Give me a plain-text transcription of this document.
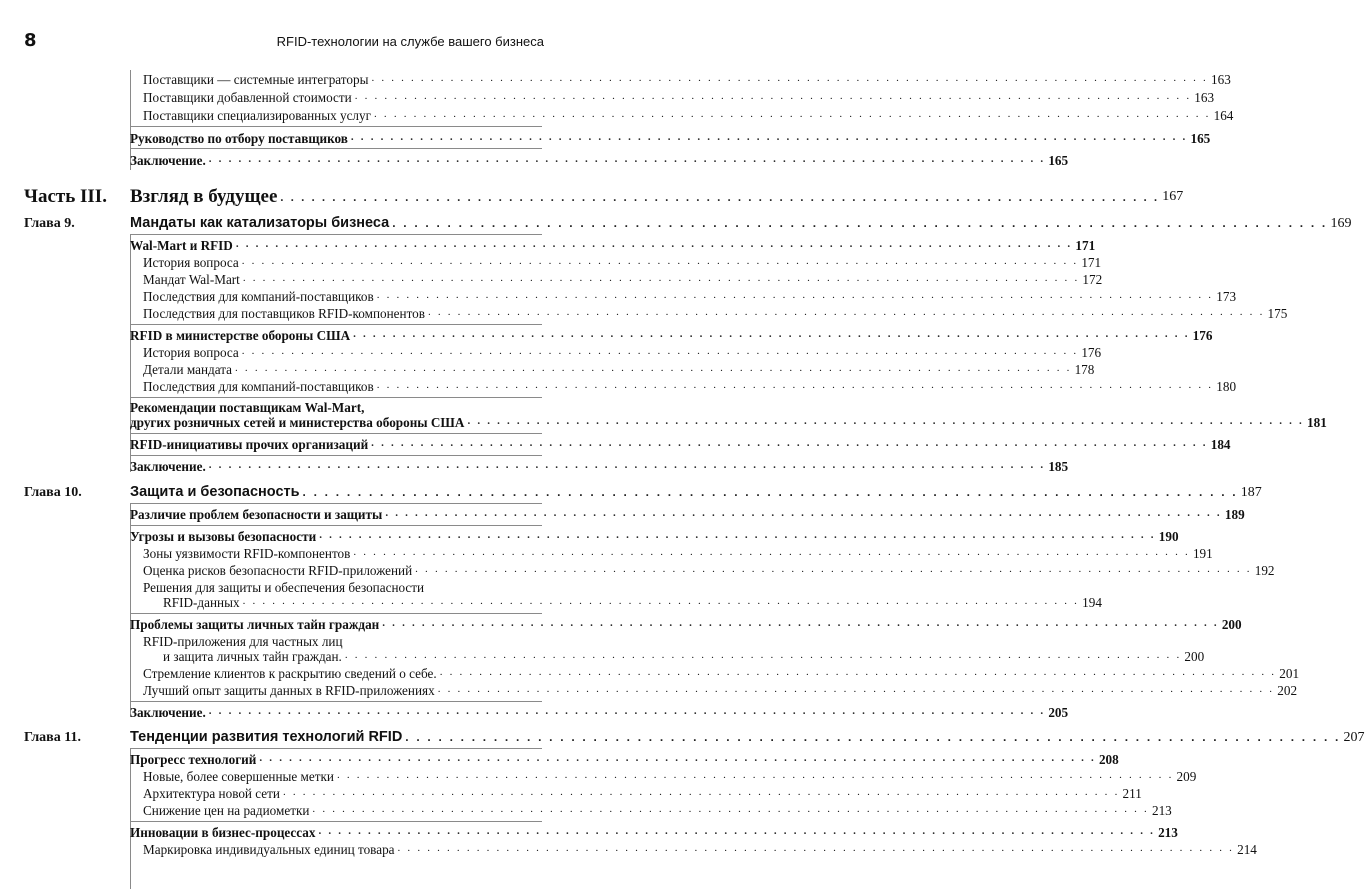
8	RFID-технологии на службе вашего бизнеса
Поставщики — системные интеграторы . . . . . . . . . . . . . . . . . . . . . . . . . . . . . . . . . . . . . . . . . . . . . . . . . . . . . . . . . . . . . . . . . . . . . . . . . . . . . . . . . . . . . 163
Поставщики добавленной стоимости . . . . . . . . . . . . . . . . . . . . . . . . . . . . . . . . . . . . . . . . . . . . . . . . . . . . . . . . . . . . . . . . . . . . . . . . . . . . . . . . . . . . . 163
Поставщики специализированных услуг . . . . . . . . . . . . . . . . . . . . . . . . . . . . . . . . . . . . . . . . . . . . . . . . . . . . . . . . . . . . . . . . . . . . . . . . . . . . . . . . . . . . . 164
Руководство по отбору поставщиков . . . . . . . . . . . . . . . . . . . . . . . . . . . . . . . . . . . . . . . . . . . . . . . . . . . . . . . . . . . . . . . . . . . . . . . . . . . . . . . . . . . . . 165
Заключение. . . . . . . . . . . . . . . . . . . . . . . . . . . . . . . . . . . . . . . . . . . . . . . . . . . . . . . . . . . . . . . . . . . . . . . . . . . . . . . . . . . . . . 165
Часть III. Взгляд в будущее . . . . . . . . . . . . . . . . . . . . . . . . . . . . . . . . . . . . . . . . . . . . . . . . . . . . . . . . . . . . . . . . . . . . . . . . . . . . . . . . . . . . . 167
Глава 9.	Мандаты как катализаторы бизнеса . . . . . . . . . . . . . . . . . . . . . . . . . . . . . . . . . . . . . . . . . . . . . . . . . . . . . . . . . . . . . . . . . . . . . . . . . . . . . . . . . . . . . 169
Wal-Mart и RFID . . . . . . . . . . . . . . . . . . . . . . . . . . . . . . . . . . . . . . . . . . . . . . . . . . . . . . . . . . . . . . . . . . . . . . . . . . . . . . . . . . . . . 171
История вопроса . . . . . . . . . . . . . . . . . . . . . . . . . . . . . . . . . . . . . . . . . . . . . . . . . . . . . . . . . . . . . . . . . . . . . . . . . . . . . . . . . . . . . 171
Мандат Wal-Mart . . . . . . . . . . . . . . . . . . . . . . . . . . . . . . . . . . . . . . . . . . . . . . . . . . . . . . . . . . . . . . . . . . . . . . . . . . . . . . . . . . . . . 172
Последствия для компаний-поставщиков . . . . . . . . . . . . . . . . . . . . . . . . . . . . . . . . . . . . . . . . . . . . . . . . . . . . . . . . . . . . . . . . . . . . . . . . . . . . . . . . . . . . . 173
Последствия для поставщиков RFID-компонентов . . . . . . . . . . . . . . . . . . . . . . . . . . . . . . . . . . . . . . . . . . . . . . . . . . . . . . . . . . . . . . . . . . . . . . . . . . . . . . . . . . . . . 175
RFID в министерстве обороны США . . . . . . . . . . . . . . . . . . . . . . . . . . . . . . . . . . . . . . . . . . . . . . . . . . . . . . . . . . . . . . . . . . . . . . . . . . . . . . . . . . . . . 176
История вопроса . . . . . . . . . . . . . . . . . . . . . . . . . . . . . . . . . . . . . . . . . . . . . . . . . . . . . . . . . . . . . . . . . . . . . . . . . . . . . . . . . . . . . 176
Детали мандата . . . . . . . . . . . . . . . . . . . . . . . . . . . . . . . . . . . . . . . . . . . . . . . . . . . . . . . . . . . . . . . . . . . . . . . . . . . . . . . . . . . . . 178
Последствия для компаний-поставщиков . . . . . . . . . . . . . . . . . . . . . . . . . . . . . . . . . . . . . . . . . . . . . . . . . . . . . . . . . . . . . . . . . . . . . . . . . . . . . . . . . . . . . 180
Рекомендации поставщикам Wal-Mart,
других розничных сетей и министерства обороны США . . . . . . . . . . . . . . . . . . . . . . . . . . . . . . . . . . . . . . . . . . . . . . . . . . . . . . . . . . . . . . . . . . . . . . . . . . . . . . . . . . . . . 181
RFID-инициативы прочих организаций . . . . . . . . . . . . . . . . . . . . . . . . . . . . . . . . . . . . . . . . . . . . . . . . . . . . . . . . . . . . . . . . . . . . . . . . . . . . . . . . . . . . . 184
Заключение. . . . . . . . . . . . . . . . . . . . . . . . . . . . . . . . . . . . . . . . . . . . . . . . . . . . . . . . . . . . . . . . . . . . . . . . . . . . . . . . . . . . . . 185
Глава 10.	Защита и безопасность . . . . . . . . . . . . . . . . . . . . . . . . . . . . . . . . . . . . . . . . . . . . . . . . . . . . . . . . . . . . . . . . . . . . . . . . . . . . . . . . . . . . . 187
Различие проблем безопасности и защиты . . . . . . . . . . . . . . . . . . . . . . . . . . . . . . . . . . . . . . . . . . . . . . . . . . . . . . . . . . . . . . . . . . . . . . . . . . . . . . . . . . . . . 189
Угрозы и вызовы безопасности . . . . . . . . . . . . . . . . . . . . . . . . . . . . . . . . . . . . . . . . . . . . . . . . . . . . . . . . . . . . . . . . . . . . . . . . . . . . . . . . . . . . . 190
Зоны уязвимости RFID-компонентов . . . . . . . . . . . . . . . . . . . . . . . . . . . . . . . . . . . . . . . . . . . . . . . . . . . . . . . . . . . . . . . . . . . . . . . . . . . . . . . . . . . . . 191
Оценка рисков безопасности RFID-приложений . . . . . . . . . . . . . . . . . . . . . . . . . . . . . . . . . . . . . . . . . . . . . . . . . . . . . . . . . . . . . . . . . . . . . . . . . . . . . . . . . . . . . 192
Решения для защиты и обеспечения безопасности
RFID-данных . . . . . . . . . . . . . . . . . . . . . . . . . . . . . . . . . . . . . . . . . . . . . . . . . . . . . . . . . . . . . . . . . . . . . . . . . . . . . . . . . . . . . 194
Проблемы защиты личных тайн граждан . . . . . . . . . . . . . . . . . . . . . . . . . . . . . . . . . . . . . . . . . . . . . . . . . . . . . . . . . . . . . . . . . . . . . . . . . . . . . . . . . . . . . 200
RFID-приложения для частных лиц
и защита личных тайн граждан. . . . . . . . . . . . . . . . . . . . . . . . . . . . . . . . . . . . . . . . . . . . . . . . . . . . . . . . . . . . . . . . . . . . . . . . . . . . . . . . . . . . . . 200
Стремление клиентов к раскрытию сведений о себе. . . . . . . . . . . . . . . . . . . . . . . . . . . . . . . . . . . . . . . . . . . . . . . . . . . . . . . . . . . . . . . . . . . . . . . . . . . . . . . . . . . . . . 201
Лучший опыт защиты данных в RFID-приложениях . . . . . . . . . . . . . . . . . . . . . . . . . . . . . . . . . . . . . . . . . . . . . . . . . . . . . . . . . . . . . . . . . . . . . . . . . . . . . . . . . . . . . 202
Заключение. . . . . . . . . . . . . . . . . . . . . . . . . . . . . . . . . . . . . . . . . . . . . . . . . . . . . . . . . . . . . . . . . . . . . . . . . . . . . . . . . . . . . . 205
Глава 11.	Тенденции развития технологий RFID . . . . . . . . . . . . . . . . . . . . . . . . . . . . . . . . . . . . . . . . . . . . . . . . . . . . . . . . . . . . . . . . . . . . . . . . . . . . . . . . . . . . . 207
Прогресс технологий . . . . . . . . . . . . . . . . . . . . . . . . . . . . . . . . . . . . . . . . . . . . . . . . . . . . . . . . . . . . . . . . . . . . . . . . . . . . . . . . . . . . . 208
Новые, более совершенные метки . . . . . . . . . . . . . . . . . . . . . . . . . . . . . . . . . . . . . . . . . . . . . . . . . . . . . . . . . . . . . . . . . . . . . . . . . . . . . . . . . . . . . 209
Архитектура новой сети . . . . . . . . . . . . . . . . . . . . . . . . . . . . . . . . . . . . . . . . . . . . . . . . . . . . . . . . . . . . . . . . . . . . . . . . . . . . . . . . . . . . . 211
Снижение цен на радиометки . . . . . . . . . . . . . . . . . . . . . . . . . . . . . . . . . . . . . . . . . . . . . . . . . . . . . . . . . . . . . . . . . . . . . . . . . . . . . . . . . . . . . 213
Инновации в бизнес-процессах . . . . . . . . . . . . . . . . . . . . . . . . . . . . . . . . . . . . . . . . . . . . . . . . . . . . . . . . . . . . . . . . . . . . . . . . . . . . . . . . . . . . . 213
Маркировка индивидуальных единиц товара . . . . . . . . . . . . . . . . . . . . . . . . . . . . . . . . . . . . . . . . . . . . . . . . . . . . . . . . . . . . . . . . . . . . . . . . . . . . . . . . . . . . . 214
